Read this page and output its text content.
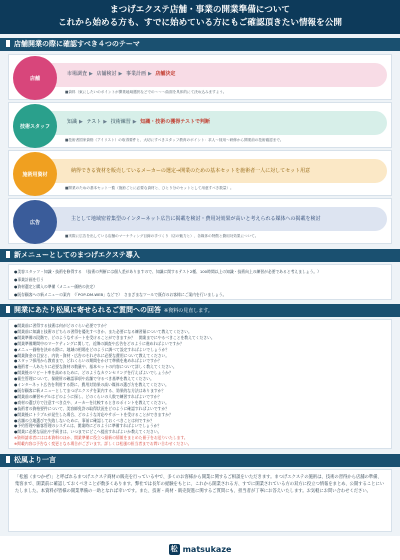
まつげエクステ店舗・事業の開業準備について
これから始める方も、すでに始めている方にもご確認頂きたい情報を公開
店舗開業の際に確認すべき４つのテーマ
市場調査 ▶ 店舗検討 ▶ 事業計画 ▶ 店舗決定
店舗
■資料（東にしたいのポイントが開業地域選択などでの～～～曲面を具体的にて決め込みますよう。
知識 ▶ テスト ▶ 技術練習 ▶ 知識・技術の獲得テストで判断
技術スタッフ
■技術者国家資格（アイリスト）の取得要件と、大切にすべきスタッフ教育のポイント：求人～採用～研修から開業前の技術確認まで。
納得できる資材を販売しているメーカーの選定→開業のための基本セットを施術者一人に対してセット用意
施術用資材
■開業のための基本セット一覧（施術ごとに必要な資材と、ひとり分のセットとして用意すべき数量）。
主として地域密着集型のインターネット広告に掲載を検討・費用対効果が高いと考えられる媒体への掲載を検討
広告
■実際に広告を出している店舗のマーケティング目線の手づくり（店の魅力と）、各媒体の特徴と費用対効果について。
新メニューとしてのまつげエクステ導入
●美容スタッフ・知識・技術を修得する　（技術の判断には個人差がありますので、知識に関するテスト2種、100時間以上の知識・技術向上の練習が必要であると考えましょう。）
●事業計画を行う
●資材選定と購入の準備（メニュー価格の決定）
●既存顧客への新メニューの案内　（「POP-DM-WEB」などで）　さまざまなツールで既存のお客様にご案内を行いましょう。
開業にあたり松風に寄せられるご質問への回答 ※資料の見直します。
●開業前に習得する技術は何がどのぐらい必要ですか？
●開業前に知識と技術のどちらの習得を優先すべきか、また必要になる練習量について教えてください。
●開業準備の段階で、どのようなサポートを受けることができますか？　開業までにやるべきことを教えてください。
●開業準備期間中のマーケティングに関して、近隣の調査や広告をどのように進めればよいですか？
●メニュー価格を決める際に、地域の相場をどのように調べて設定すればよいでしょうか？
●開業資金の目安と、内装・資材・広告のそれぞれに必要な費用について教えてください。
●スタッフ採用から教育まで、どれくらいの期間をかけて準備を進めればよいですか？
●施術者一人あたりに必要な資材の数量や、基本セットの内容について詳しく教えてください。
●開業後のリピート率を高めるために、どのようなカウンセリングを行えばよいでしょうか？
●衛生管理について、保健所の確認事項や店舗で守るべき基準を教えてください。
●インターネット広告を利用する際に、費用対効果の高い媒体の選び方を教えてください。
●既存顧客に新メニューとしてまつげエクステを案内する、効果的な方法はありますか？
●開業前の練習モデルはどのように探し、どのくらいの人数で練習すればよいですか？
●商材の選び方で注意すべき点や、メーカーを比較するときのポイントを教えてください。
●技術者の資格要件について、美容師免許の取得状況をどのように確認すればよいですか？
●開業後にトラブルが発生した場合、どのような対応やサポートを受けることができますか？
●店舗の立地選びで失敗しないために、事前に確認しておくべきことは何ですか？
●予約管理や顧客管理のシステムは、開業時にどのように準備すればよいでしょうか？
●開業に必要な届出や手続きは、いつまでにどこへ提出すればよいか教えてください。
※資料請求者にはは本資料のほか、開業準備に役立つ最新の情報をまとめた冊子をお送りいたします。
※掲載内容は予告なく変更となる場合がございます。詳しくは松風の担当者までお問い合わせください。
松風より一言
「松風（まつかぜ）」と呼ばれるまつげエクステ商材の販売を行っている中で、多くのお客様から開業に関するご相談をいただきます。まつげエクステの施術は、技術の習得から店舗の準備、集客まで、開業前に確認しておくべきことが数多くあります。弊社では長年の経験をもとに、これから開業される方、すでに開業されている方の双方に役立つ情報をまとめ、公開することにいたしました。本資料が皆様の開業準備の一助となれば幸いです。また、技術・商材・販売促進に関するご質問にも、担当者が丁寧にお答えいたします。お気軽にお問い合わせください。
松 matsukaze
